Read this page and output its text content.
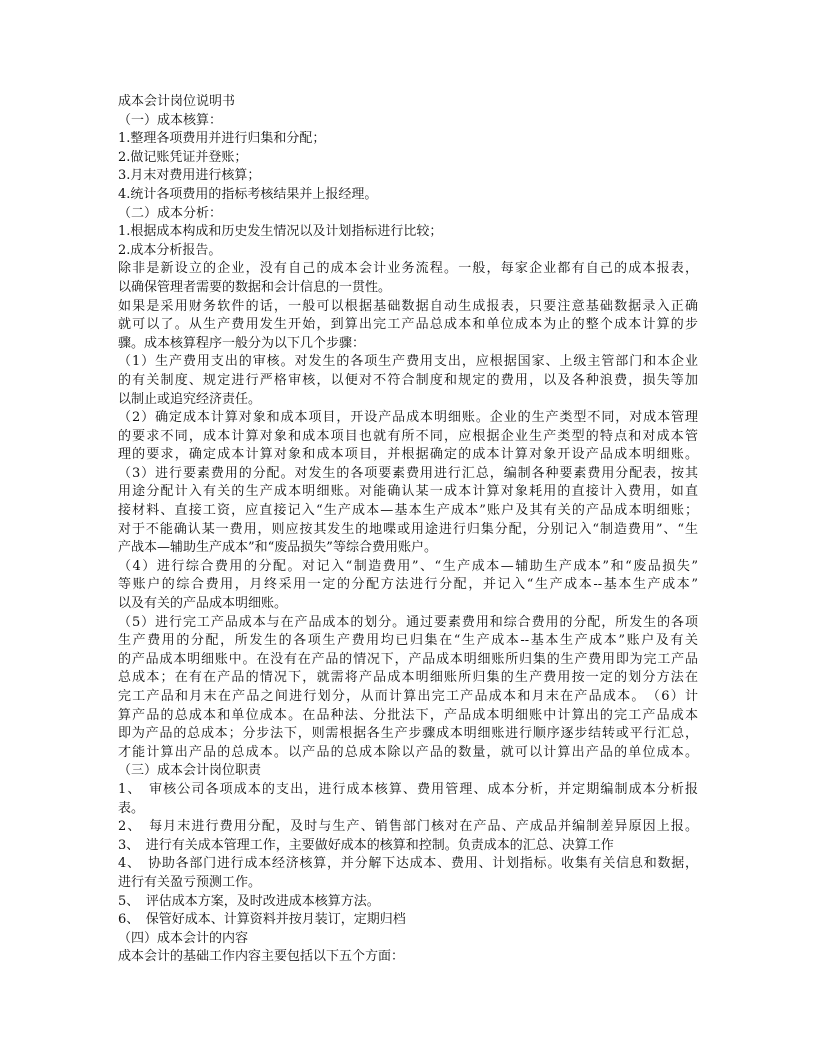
成本会计岗位说明书
（一）成本核算：
1.整理各项费用并进行归集和分配；
2.做记账凭证并登账；
3.月末对费用进行核算；
4.统计各项费用的指标考核结果并上报经理。
（二）成本分析：
1.根据成本构成和历史发生情况以及计划指标进行比较；
2.成本分析报告。
除非是新设立的企业，没有自己的成本会计业务流程。一般，每家企业都有自己的成本报表，
以确保管理者需要的数据和会计信息的一贯性。
如果是采用财务软件的话，一般可以根据基础数据自动生成报表，只要注意基础数据录入正确
就可以了。从生产费用发生开始，到算出完工产品总成本和单位成本为止的整个成本计算的步
骤。成本核算程序一般分为以下几个步骤：
（1）生产费用支出的审核。对发生的各项生产费用支出，应根据国家、上级主管部门和本企业
的有关制度、规定进行严格审核，以便对不符合制度和规定的费用，以及各种浪费，损失等加
以制止或追究经济责任。
（2）确定成本计算对象和成本项目，开设产品成本明细账。企业的生产类型不同，对成本管理
的要求不同，成本计算对象和成本项目也就有所不同，应根据企业生产类型的特点和对成本管
理的要求，确定成本计算对象和成本项目，并根据确定的成本计算对象开设产品成本明细账。
（3）进行要素费用的分配。对发生的各项要素费用进行汇总，编制各种要素费用分配表，按其
用途分配计入有关的生产成本明细账。对能确认某一成本计算对象耗用的直接计入费用，如直
接材料、直接工资，应直接记入“生产成本—基本生产成本”账户及其有关的产品成本明细账；
对于不能确认某一费用，则应按其发生的地喋或用途进行归集分配，分别记入“制造费用”、“生
产战本—辅助生产成本”和“废品损失”等综合费用账户。
（4）进行综合费用的分配。对记入“制造费用”、“生产成本—辅助生产成本”和“废品损失”
等账户的综合费用，月终采用一定的分配方法进行分配，并记入“生产成本--基本生产成本”
以及有关的产品成本明细账。
（5）进行完工产品成本与在产品成本的划分。通过要素费用和综合费用的分配，所发生的各项
生产费用的分配，所发生的各项生产费用均已归集在“生产成本--基本生产成本”账户及有关
的产品成本明细账中。在没有在产品的情况下，产品成本明细账所归集的生产费用即为完工产品
总成本；在有在产品的情况下，就需将产品成本明细账所归集的生产费用按一定的划分方法在
完工产品和月末在产品之间进行划分，从而计算出完工产品成本和月末在产品成本。　（6）计
算产品的总成本和单位成本。在品种法、分批法下，产品成本明细账中计算出的完工产品成本
即为产品的总成本；分步法下，则需根据各生产步骤成本明细账进行顺序逐步结转或平行汇总，
才能计算出产品的总成本。以产品的总成本除以产品的数量，就可以计算出产品的单位成本。
（三）成本会计岗位职责
1、　审核公司各项成本的支出，进行成本核算、费用管理、成本分析，并定期编制成本分析报
表。
2、　每月末进行费用分配，及时与生产、销售部门核对在产品、产成品并编制差异原因上报。
3、　进行有关成本管理工作，主要做好成本的核算和控制。负责成本的汇总、决算工作
4、　协助各部门进行成本经济核算，并分解下达成本、费用、计划指标。收集有关信息和数据，
进行有关盈亏预测工作。
5、　评估成本方案，及时改进成本核算方法。
6、　保管好成本、计算资料并按月装订，定期归档
（四）成本会计的内容
成本会计的基础工作内容主要包括以下五个方面：
